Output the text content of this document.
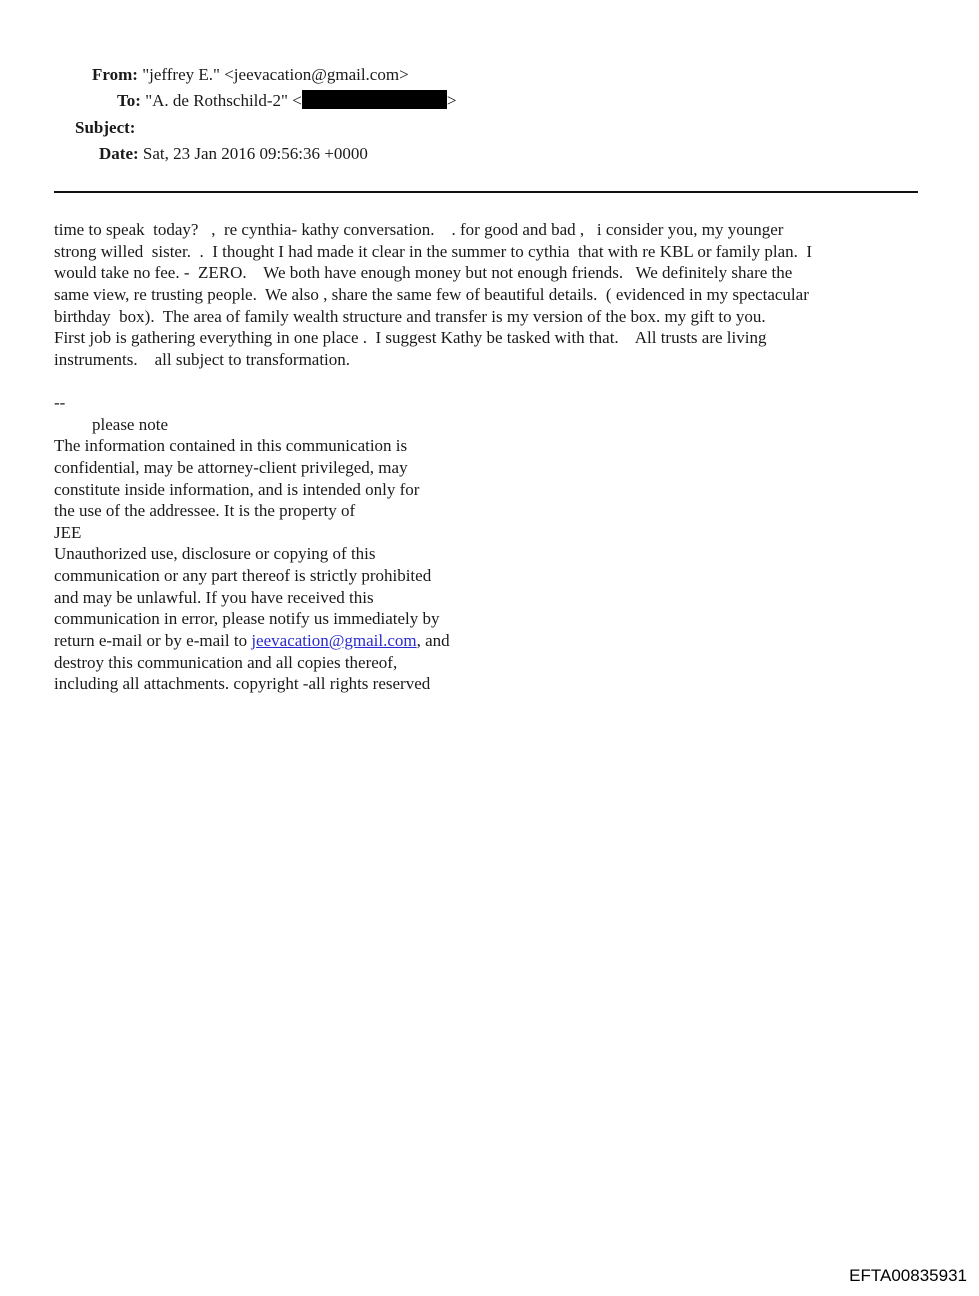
From: "jeffrey E." <jeevacation@gmail.com>
To: "A. de Rothschild-2" <	>
Subject:
Date: Sat, 23 Jan 2016 09:56:36 +0000
time to speak  today?   ,  re cynthia- kathy conversation.    . for good and bad ,   i consider you, my younger
strong willed  sister.  .  I thought I had made it clear in the summer to cythia  that with re KBL or family plan.  I
would take no fee. -  ZERO.    We both have enough money but not enough friends.   We definitely share the
same view, re trusting people.  We also , share the same few of beautiful details.  ( evidenced in my spectacular
birthday  box).  The area of family wealth structure and transfer is my version of the box. my gift to you.
First job is gathering everything in one place .  I suggest Kathy be tasked with that.    All trusts are living
instruments.    all subject to transformation.
--
please note
The information contained in this communication is
confidential, may be attorney-client privileged, may
constitute inside information, and is intended only for
the use of the addressee. It is the property of
JEE
Unauthorized use, disclosure or copying of this
communication or any part thereof is strictly prohibited
and may be unlawful. If you have received this
communication in error, please notify us immediately by
return e-mail or by e-mail to jeevacation@gmail.com, and
destroy this communication and all copies thereof,
including all attachments. copyright -all rights reserved
EFTA00835931
